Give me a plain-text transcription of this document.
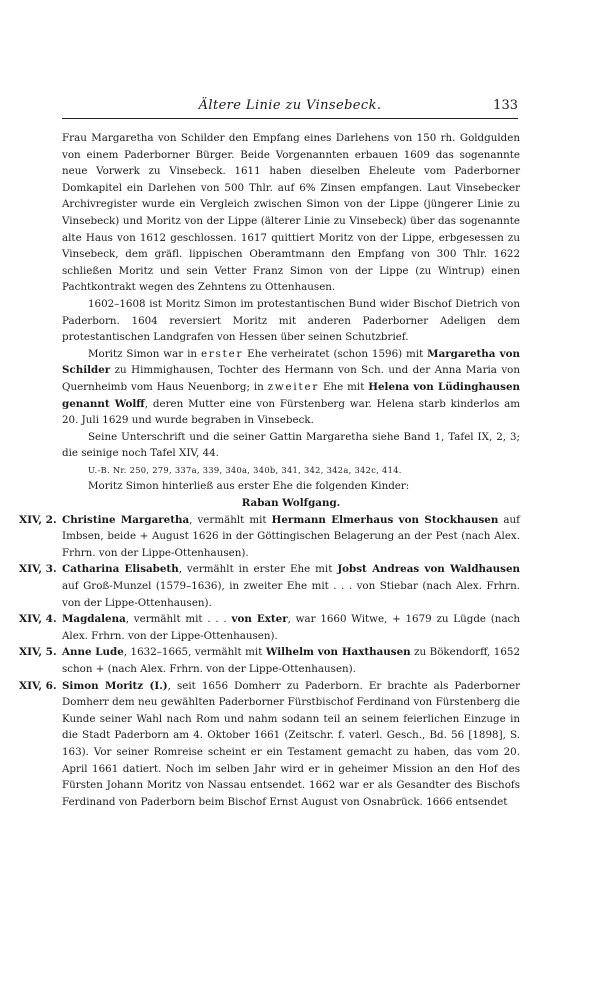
Ältere Linie zu Vinsebeck.	133

Frau Margaretha von Schilder den Empfang eines Darlehens von 150 rh. Goldgulden von einem Paderborner Bürger. Beide Vorgenannten erbauen 1609 das sogenannte neue Vorwerk zu Vinsebeck. 1611 haben dieselben Eheleute vom Paderborner Domkapitel ein Darlehen von 500 Thlr. auf 6% Zinsen empfangen. Laut Vinsebecker Archivregister wurde ein Vergleich zwischen Simon von der Lippe (jüngerer Linie zu Vinsebeck) und Moritz von der Lippe (älterer Linie zu Vinsebeck) über das sogenannte alte Haus von 1612 geschlossen. 1617 quittiert Moritz von der Lippe, erbgesessen zu Vinsebeck, dem gräfl. lippischen Oberamtmann den Empfang von 300 Thlr. 1622 schließen Moritz und sein Vetter Franz Simon von der Lippe (zu Wintrup) einen Pachtkontrakt wegen des Zehntens zu Ottenhausen.

1602–1608 ist Moritz Simon im protestantischen Bund wider Bischof Dietrich von Paderborn. 1604 reversiert Moritz mit anderen Paderborner Adeligen dem protestantischen Landgrafen von Hessen über seinen Schutzbrief.

Moritz Simon war in erster Ehe verheiratet (schon 1596) mit Margaretha von Schilder zu Himmighausen, Tochter des Hermann von Sch. und der Anna Maria von Quernheimb vom Haus Neuenborg; in zweiter Ehe mit Helena von Lüdinghausen genannt Wolff, deren Mutter eine von Fürstenberg war. Helena starb kinderlos am 20. Juli 1629 und wurde begraben in Vinsebeck.

Seine Unterschrift und die seiner Gattin Margaretha siehe Band 1, Tafel IX, 2, 3; die seinige noch Tafel XIV, 44.

U.-B. Nr. 250, 279, 337a, 339, 340a, 340b, 341, 342, 342a, 342c, 414.

Moritz Simon hinterließ aus erster Ehe die folgenden Kinder:

Raban Wolfgang.

XIV, 2. Christine Margaretha, vermählt mit Hermann Elmerhaus von Stockhausen auf Imbsen, beide + August 1626 in der Göttingischen Belagerung an der Pest (nach Alex. Frhrn. von der Lippe-Ottenhausen).

XIV, 3. Catharina Elisabeth, vermählt in erster Ehe mit Jobst Andreas von Waldhausen auf Groß-Munzel (1579–1636), in zweiter Ehe mit . . . von Stiebar (nach Alex. Frhrn. von der Lippe-Ottenhausen).

XIV, 4. Magdalena, vermählt mit . . . von Exter, war 1660 Witwe, + 1679 zu Lügde (nach Alex. Frhrn. von der Lippe-Ottenhausen).

XIV, 5. Anne Lude, 1632–1665, vermählt mit Wilhelm von Haxthausen zu Bökendorff, 1652 schon + (nach Alex. Frhrn. von der Lippe-Ottenhausen).

XIV, 6. Simon Moritz (I.), seit 1656 Domherr zu Paderborn. Er brachte als Paderborner Domherr dem neu gewählten Paderborner Fürstbischof Ferdinand von Fürstenberg die Kunde seiner Wahl nach Rom und nahm sodann teil an seinem feierlichen Einzuge in die Stadt Paderborn am 4. Oktober 1661 (Zeitschr. f. vaterl. Gesch., Bd. 56 [1898], S. 163). Vor seiner Romreise scheint er ein Testament gemacht zu haben, das vom 20. April 1661 datiert. Noch im selben Jahr wird er in geheimer Mission an den Hof des Fürsten Johann Moritz von Nassau entsendet. 1662 war er als Gesandter des Bischofs Ferdinand von Paderborn beim Bischof Ernst August von Osnabrück. 1666 entsendet
